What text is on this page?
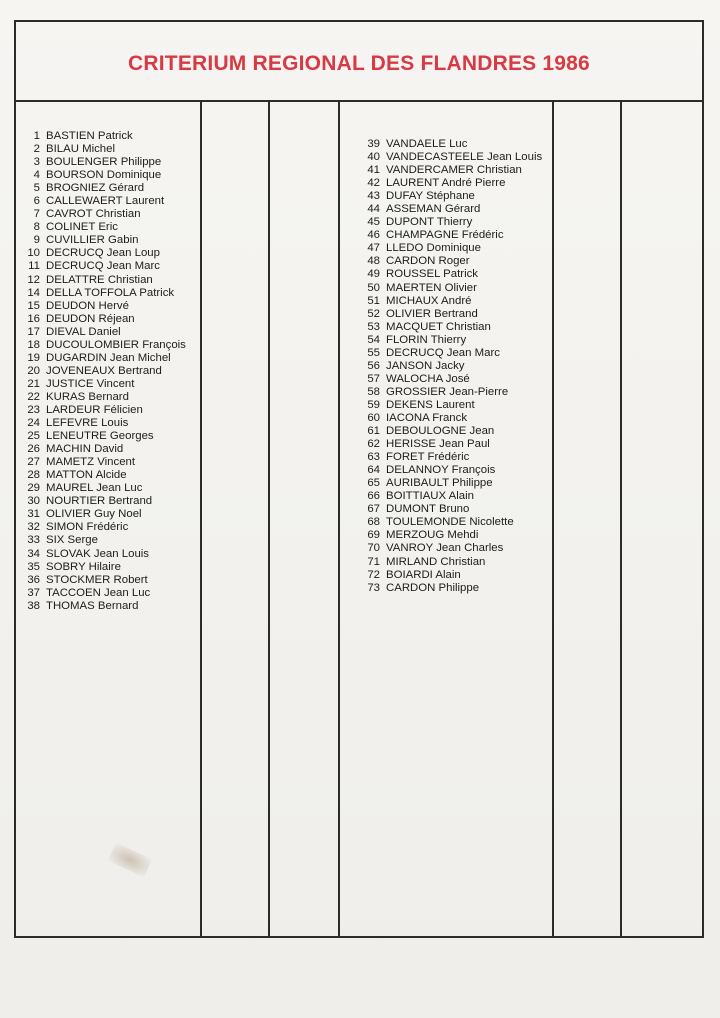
CRITERIUM REGIONAL DES FLANDRES 1986
1 BASTIEN Patrick
2 BILAU Michel
3 BOULENGER Philippe
4 BOURSON Dominique
5 BROGNIEZ Gérard
6 CALLEWAERT Laurent
7 CAVROT Christian
8 COLINET Eric
9 CUVILLIER Gabin
10 DECRUCQ Jean Loup
11 DECRUCQ Jean Marc
12 DELATTRE Christian
14 DELLA TOFFOLA Patrick
15 DEUDON Hervé
16 DEUDON Réjean
17 DIEVAL Daniel
18 DUCOULOMBIER François
19 DUGARDIN Jean Michel
20 JOVENEAUX Bertrand
21 JUSTICE Vincent
22 KURAS Bernard
23 LARDEUR Félicien
24 LEFEVRE Louis
25 LENEUTRE Georges
26 MACHIN David
27 MAMETZ Vincent
28 MATTON Alcide
29 MAUREL Jean Luc
30 NOURTIER Bertrand
31 OLIVIER Guy Noel
32 SIMON Frédéric
33 SIX Serge
34 SLOVAK Jean Louis
35 SOBRY Hilaire
36 STOCKMER Robert
37 TACCOEN Jean Luc
38 THOMAS Bernard
39 VANDAELE Luc
40 VANDECASTEELE Jean Louis
41 VANDERCAMER Christian
42 LAURENT André Pierre
43 DUFAY Stéphane
44 ASSEMAN Gérard
45 DUPONT Thierry
46 CHAMPAGNE Frédéric
47 LLEDO Dominique
48 CARDON Roger
49 ROUSSEL Patrick
50 MAERTEN Olivier
51 MICHAUX André
52 OLIVIER Bertrand
53 MACQUET Christian
54 FLORIN Thierry
55 DECRUCQ Jean Marc
56 JANSON Jacky
57 WALOCHA José
58 GROSSIER Jean-Pierre
59 DEKENS Laurent
60 IACONA Franck
61 DEBOULOGNE Jean
62 HERISSE Jean Paul
63 FORET Frédéric
64 DELANNOY François
65 AURIBAULT Philippe
66 BOITTIAUX Alain
67 DUMONT Bruno
68 TOULEMONDE Nicolette
69 MERZOUG Mehdi
70 VANROY Jean Charles
71 MIRLAND Christian
72 BOIARDI Alain
73 CARDON Philippe
